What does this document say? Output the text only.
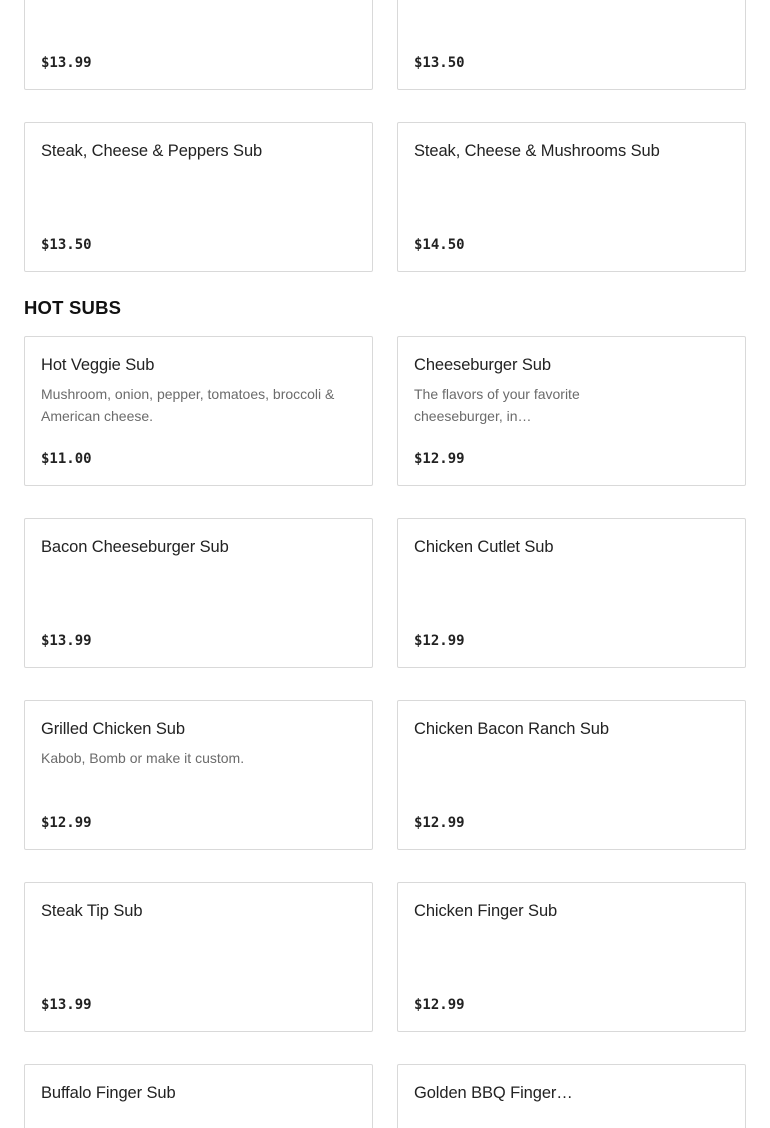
$13.99	$13.50
Steak, Cheese & Peppers Sub
$13.50
Steak, Cheese & Mushrooms Sub
$14.50
HOT SUBS
Hot Veggie Sub
Mushroom, onion, pepper, tomatoes, broccoli & American cheese.
$11.00
Cheeseburger Sub
The flavors of your favorite cheeseburger, in…
$12.99
Bacon Cheeseburger Sub
$13.99
Chicken Cutlet Sub
$12.99
Grilled Chicken Sub
Kabob, Bomb or make it custom.
$12.99
Chicken Bacon Ranch Sub
$12.99
Steak Tip Sub
$13.99
Chicken Finger Sub
$12.99
Buffalo Finger Sub	Golden BBQ Finger…
